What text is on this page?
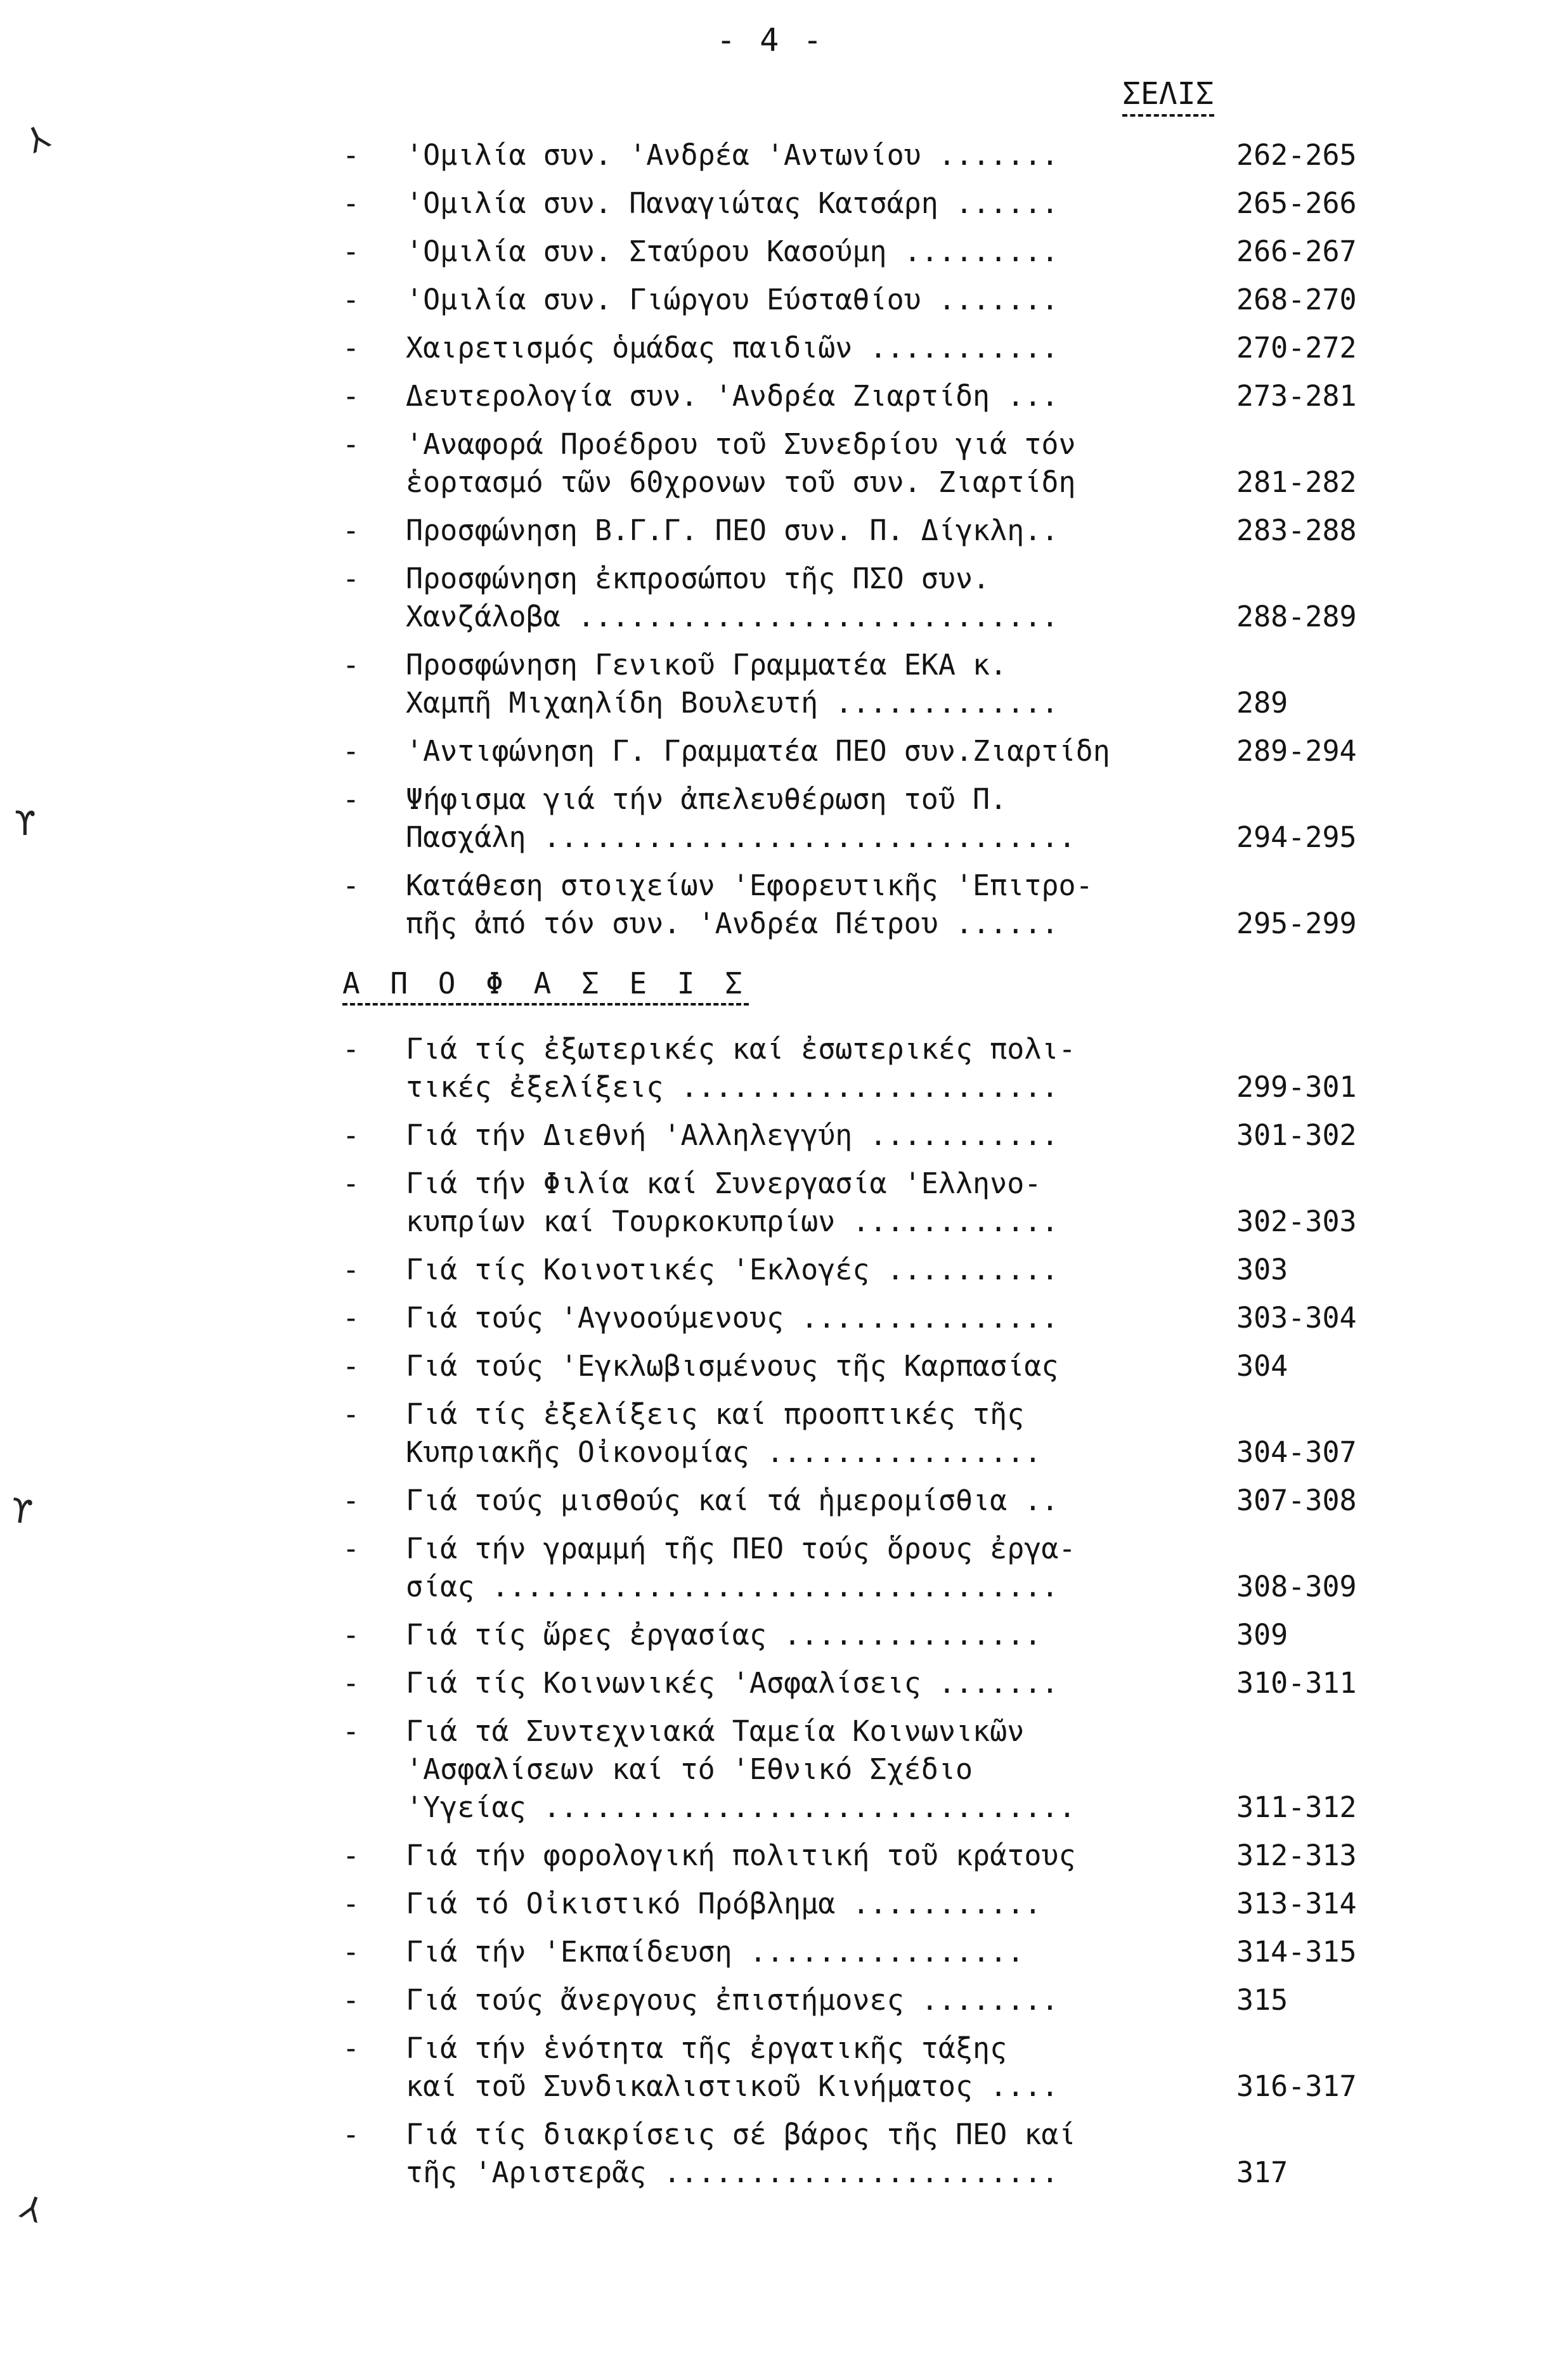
- 4 -
ΣΕΛΙΣ
⅄
ϒ
ϒ
⅄
-	'Ομιλία συν. 'Ανδρέα 'Αντωνίου .......	262-265
-	'Ομιλία συν. Παναγιώτας Κατσάρη ......	265-266
-	'Ομιλία συν. Σταύρου Κασούμη .........	266-267
-	'Ομιλία συν. Γιώργου Εύσταθίου .......	268-270
-	Χαιρετισμός ὁμάδας παιδιῶν ...........	270-272
-	Δευτερολογία συν. 'Ανδρέα Ζιαρτίδη ...	273-281
-	'Αναφορά Προέδρου τοῦ Συνεδρίου γιά τόν
ἑορτασμό τῶν 60χρονων τοῦ συν. Ζιαρτίδη	281-282
-	Προσφώνηση Β.Γ.Γ. ΠΕΟ συν. Π. Δίγκλη..	283-288
-	Προσφώνηση ἐκπροσώπου τῆς ΠΣΟ συν.
Χανζάλοβα ............................	288-289
-	Προσφώνηση Γενικοῦ Γραμματέα ΕΚΑ κ.
Χαμπῆ Μιχαηλίδη Βουλευτή .............	289
-	'Αντιφώνηση Γ. Γραμματέα ΠΕΟ συν.Ζιαρτίδη	289-294
-	Ψήφισμα γιά τήν ἀπελευθέρωση τοῦ Π.
Πασχάλη ...............................	294-295
-	Κατάθεση στοιχείων 'Εφορευτικῆς 'Επιτρο-
πῆς ἀπό τόν συν. 'Ανδρέα Πέτρου ......	295-299
Α Π Ο Φ Α Σ Ε Ι Σ
-	Γιά τίς ἐξωτερικές καί ἐσωτερικές πολι-
τικές ἐξελίξεις ......................	299-301
-	Γιά τήν Διεθνή 'Αλληλεγγύη ...........	301-302
-	Γιά τήν Φιλία καί Συνεργασία 'Ελληνο-
κυπρίων καί Τουρκοκυπρίων ............	302-303
-	Γιά τίς Κοινοτικές 'Εκλογές ..........	303
-	Γιά τούς 'Αγνοούμενους ...............	303-304
-	Γιά τούς 'Εγκλωβισμένους τῆς Καρπασίας	304
-	Γιά τίς ἐξελίξεις καί προοπτικές τῆς
Κυπριακῆς Οἰκονομίας ................	304-307
-	Γιά τούς μισθούς καί τά ἡμερομίσθια ..	307-308
-	Γιά τήν γραμμή τῆς ΠΕΟ τούς ὅρους ἐργα-
σίας .................................	308-309
-	Γιά τίς ὥρες ἐργασίας ...............	309
-	Γιά τίς Κοινωνικές 'Ασφαλίσεις .......	310-311
-	Γιά τά Συντεχνιακά Ταμεία Κοινωνικῶν
'Ασφαλίσεων καί τό 'Εθνικό Σχέδιο
'Υγείας ...............................	311-312
-	Γιά τήν φορολογική πολιτική τοῦ κράτους	312-313
-	Γιά τό Οἰκιστικό Πρόβλημα ...........	313-314
-	Γιά τήν 'Εκπαίδευση ................	314-315
-	Γιά τούς ἄνεργους ἐπιστήμονες ........	315
-	Γιά τήν ἑνότητα τῆς ἐργατικῆς τάξης
καί τοῦ Συνδικαλιστικοῦ Κινήματος ....	316-317
-	Γιά τίς διακρίσεις σέ βάρος τῆς ΠΕΟ καί
τῆς 'Αριστερᾶς .......................	317
